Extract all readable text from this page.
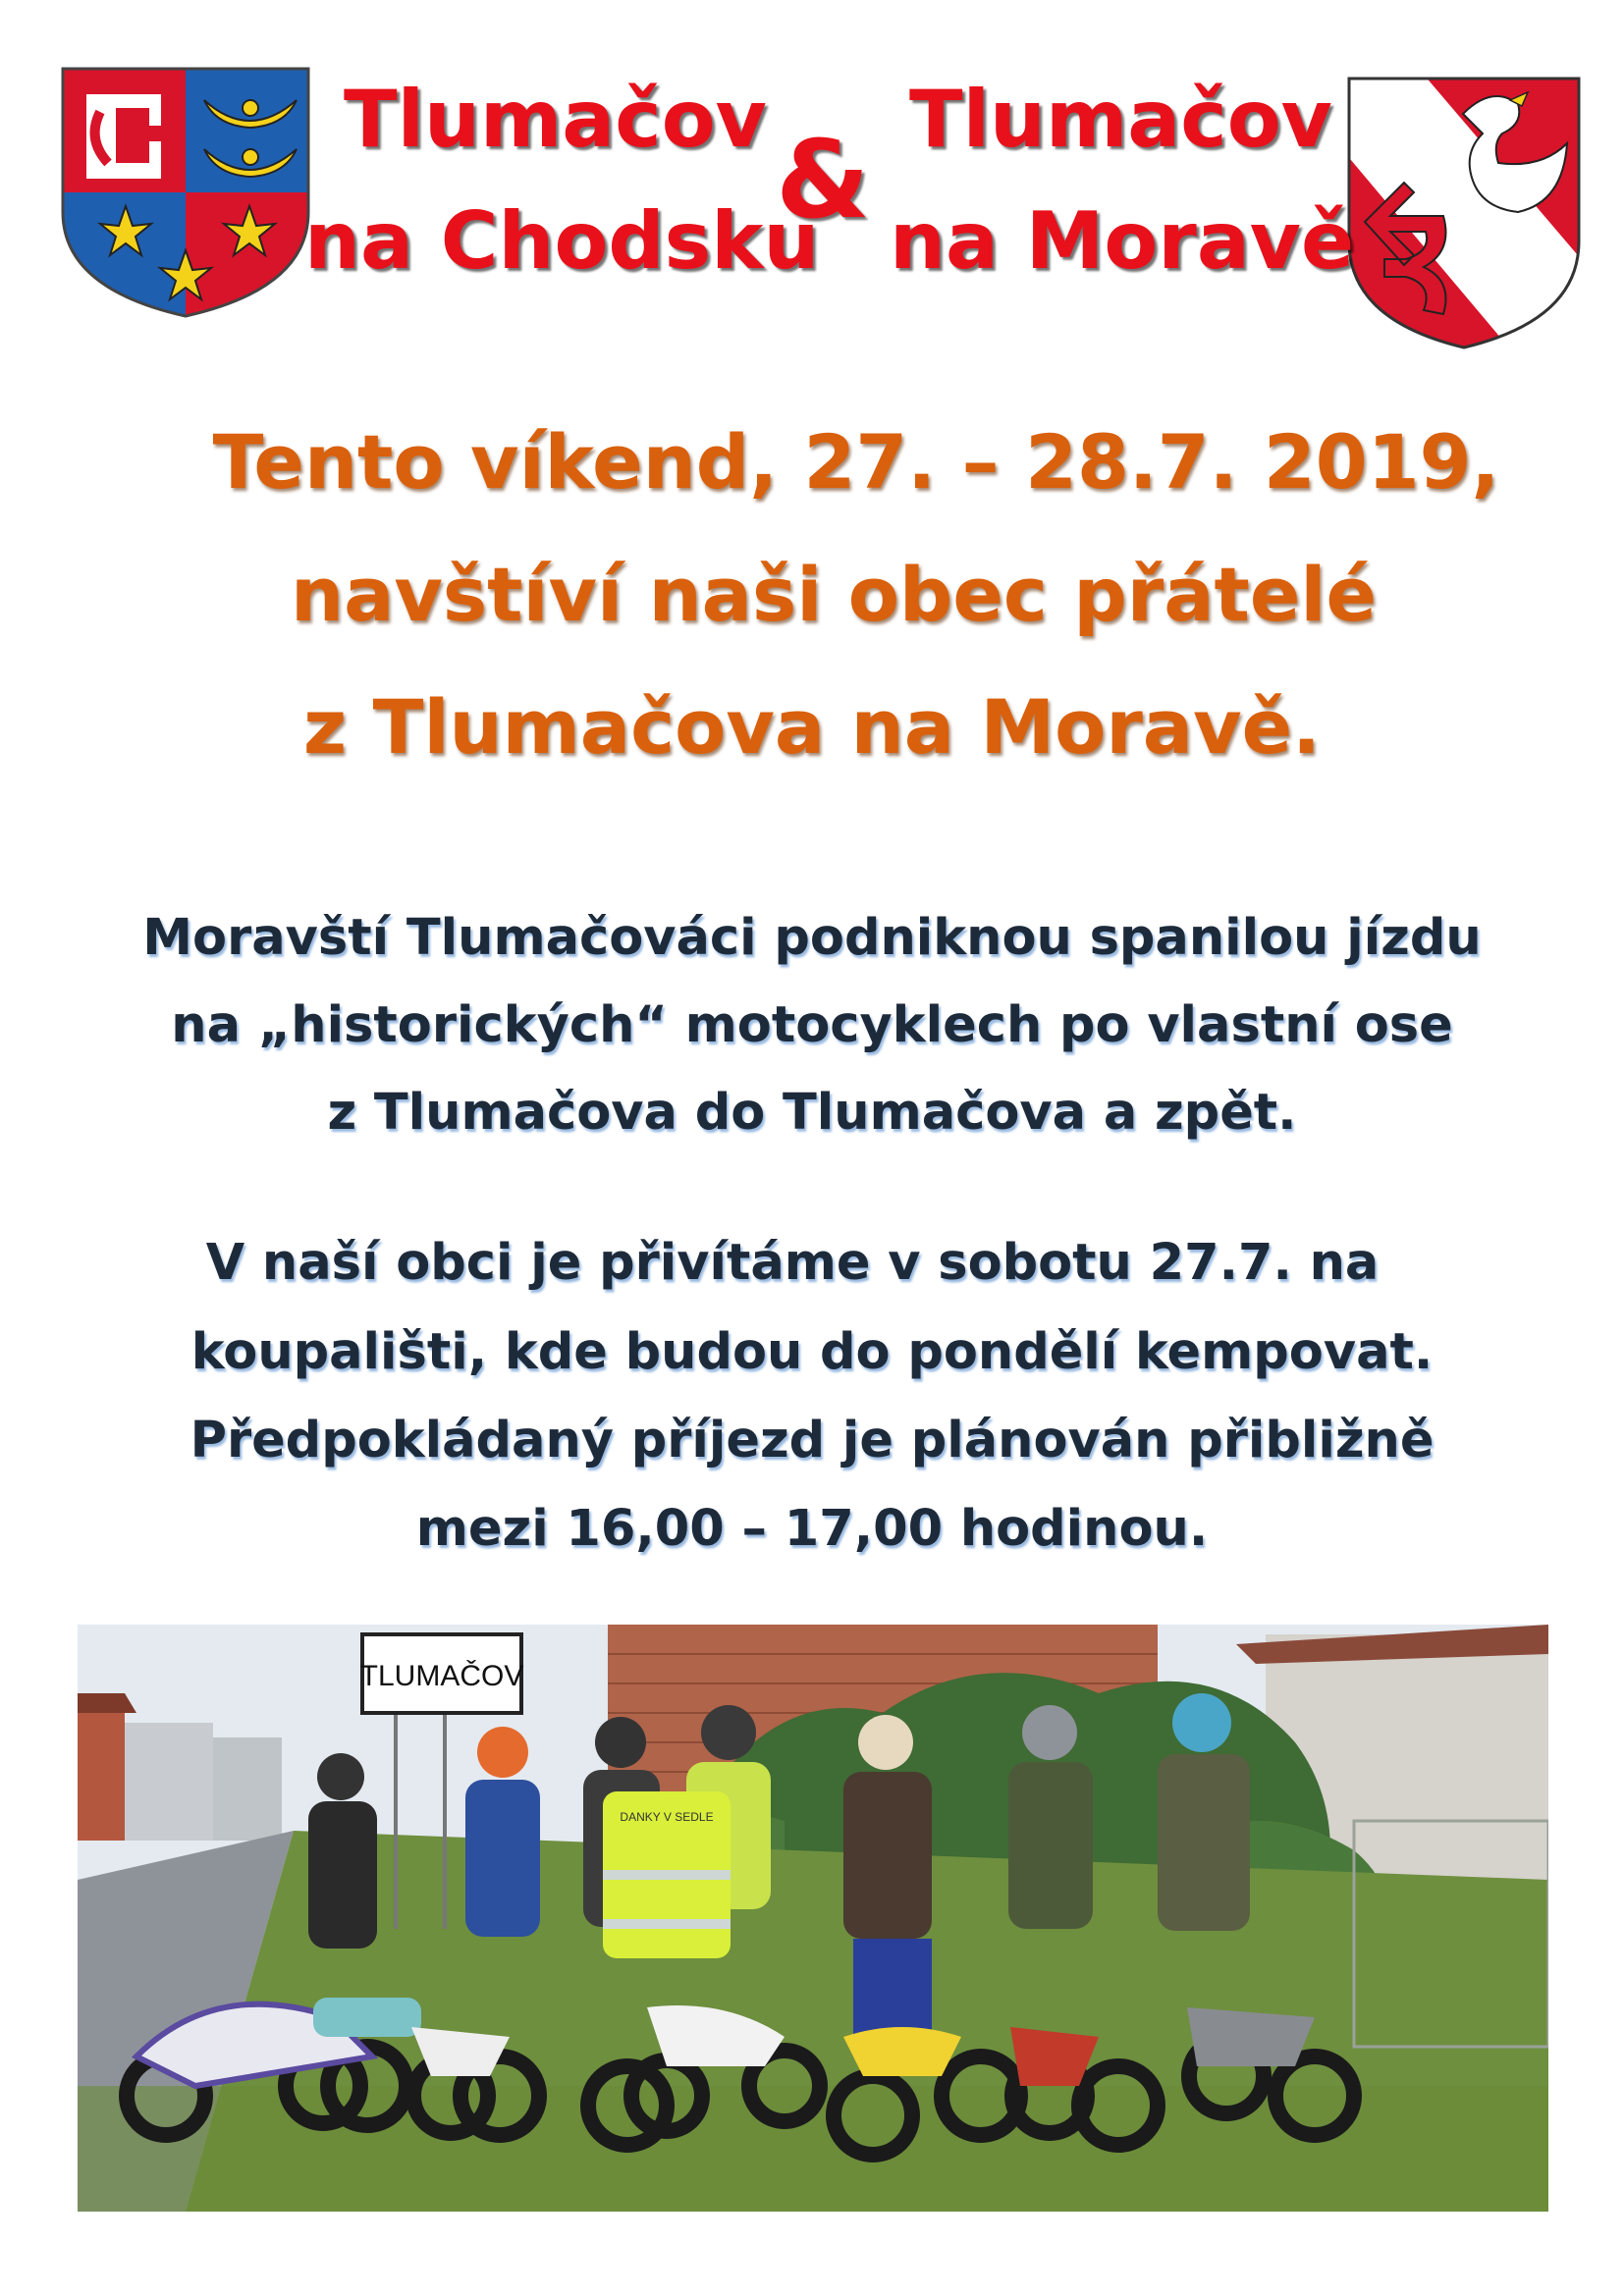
Tlumačov
na Chodsku
& Tlumačov
na Moravě
Tento víkend, 27. – 28.7. 2019,
navštíví naši obec přátelé
z Tlumačova na Moravě.
Moravští Tlumačováci podniknou spanilou jízdu
na „historických“ motocyklech po vlastní ose
z Tlumačova do Tlumačova a zpět.
V naší obci je přivítáme v sobotu 27.7. na
koupališti, kde budou do pondělí kempovat.
Předpokládaný příjezd je plánován přibližně
mezi 16,00 – 17,00 hodinou.
TLUMAČOV
DANKY V SEDLE
